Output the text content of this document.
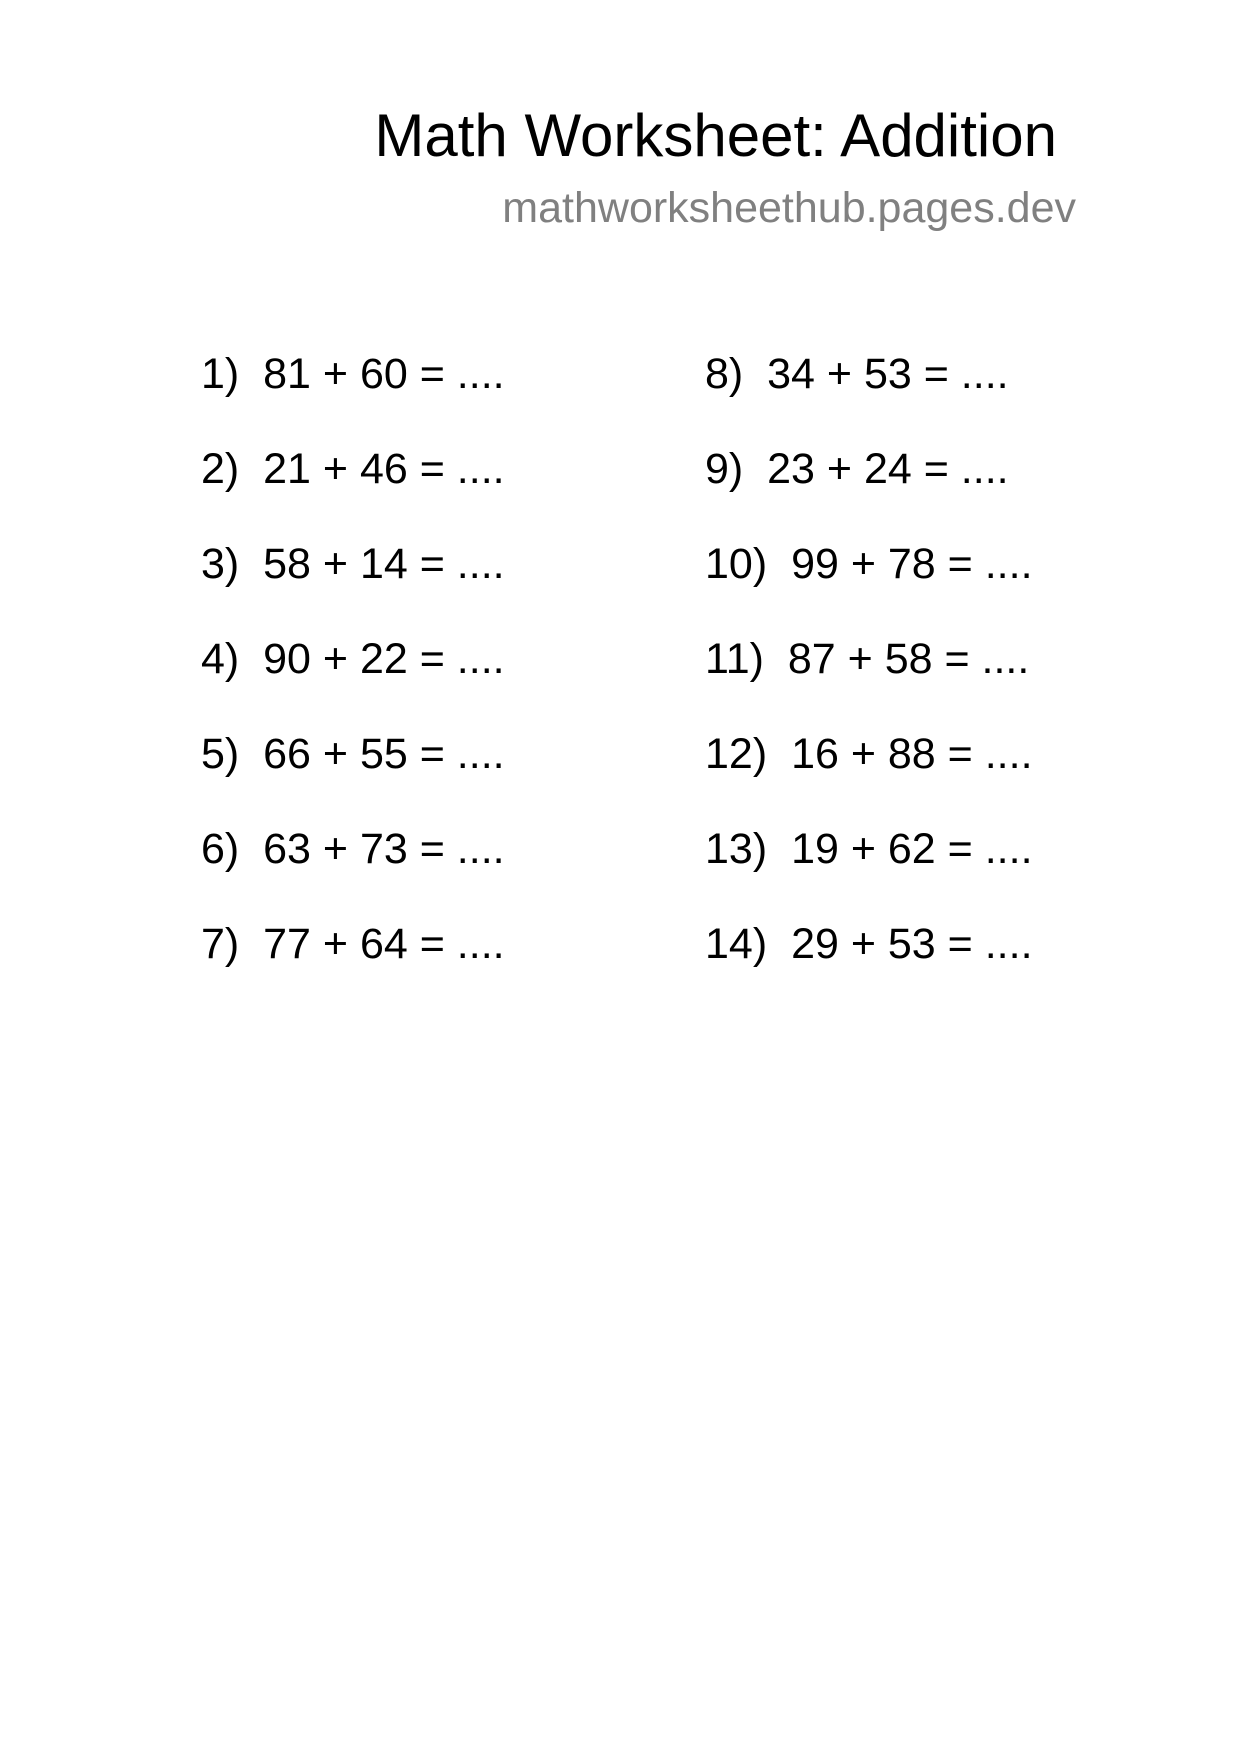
Math Worksheet: Addition
mathworksheethub.pages.dev
1) 81 + 60 = ....
2) 21 + 46 = ....
3) 58 + 14 = ....
4) 90 + 22 = ....
5) 66 + 55 = ....
6) 63 + 73 = ....
7) 77 + 64 = ....
8) 34 + 53 = ....
9) 23 + 24 = ....
10) 99 + 78 = ....
11) 87 + 58 = ....
12) 16 + 88 = ....
13) 19 + 62 = ....
14) 29 + 53 = ....
